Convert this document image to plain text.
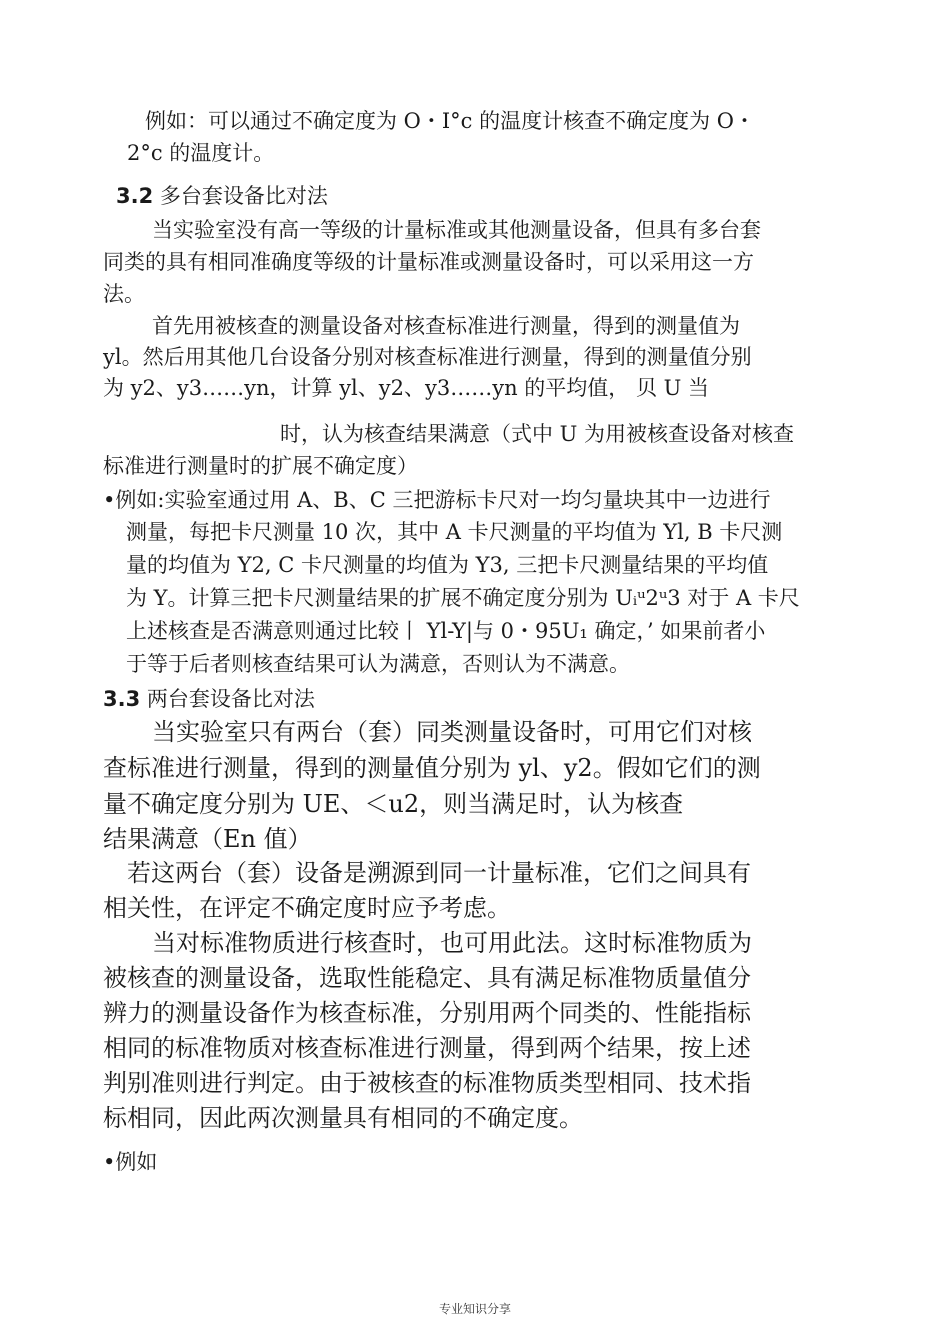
例如：可以通过不确定度为 O・I°c 的温度计核查不确定度为 O・
2°c 的温度计。
3.2 多台套设备比对法
当实验室没有高一等级的计量标准或其他测量设备，但具有多台套
同类的具有相同准确度等级的计量标准或测量设备时，可以采用这一方
法。
首先用被核查的测量设备对核查标准进行测量，得到的测量值为
yl。然后用其他几台设备分别对核查标准进行测量，得到的测量值分别
为 y2、y3……yn，计算 yl、y2、y3……yn 的平均值， 贝 U 当
时，认为核查结果满意（式中 U 为用被核查设备对核查
标准进行测量时的扩展不确定度）
•例如:实验室通过用 A、B、C 三把游标卡尺对一均匀量块其中一边进行
测量，每把卡尺测量 10 次，其中 A 卡尺测量的平均值为 Yl, B 卡尺测
量的均值为 Y2, C 卡尺测量的均值为 Y3, 三把卡尺测量结果的平均值
为 Y。计算三把卡尺测量结果的扩展不确定度分别为 Uᵢᵘ2ᵘ3 对于 A 卡尺
上述核查是否满意则通过比较丨 Yl-Y|与 0・95U₁ 确定，’ 如果前者小
于等于后者则核查结果可认为满意，否则认为不满意。
3.3 两台套设备比对法
当实验室只有两台（套）同类测量设备时，可用它们对核
查标准进行测量，得到的测量值分别为 yl、y2。假如它们的测
量不确定度分别为 UE、＜u2，则当满足时，认为核查
结果满意（En 值）
若这两台（套）设备是溯源到同一计量标准，它们之间具有
相关性，在评定不确定度时应予考虑。
当对标准物质进行核查时，也可用此法。这时标准物质为
被核查的测量设备，选取性能稳定、具有满足标准物质量值分
辨力的测量设备作为核查标准，分别用两个同类的、性能指标
相同的标准物质对核查标准进行测量，得到两个结果，按上述
判别准则进行判定。由于被核查的标准物质类型相同、技术指
标相同，因此两次测量具有相同的不确定度。
•例如
专业知识分享
